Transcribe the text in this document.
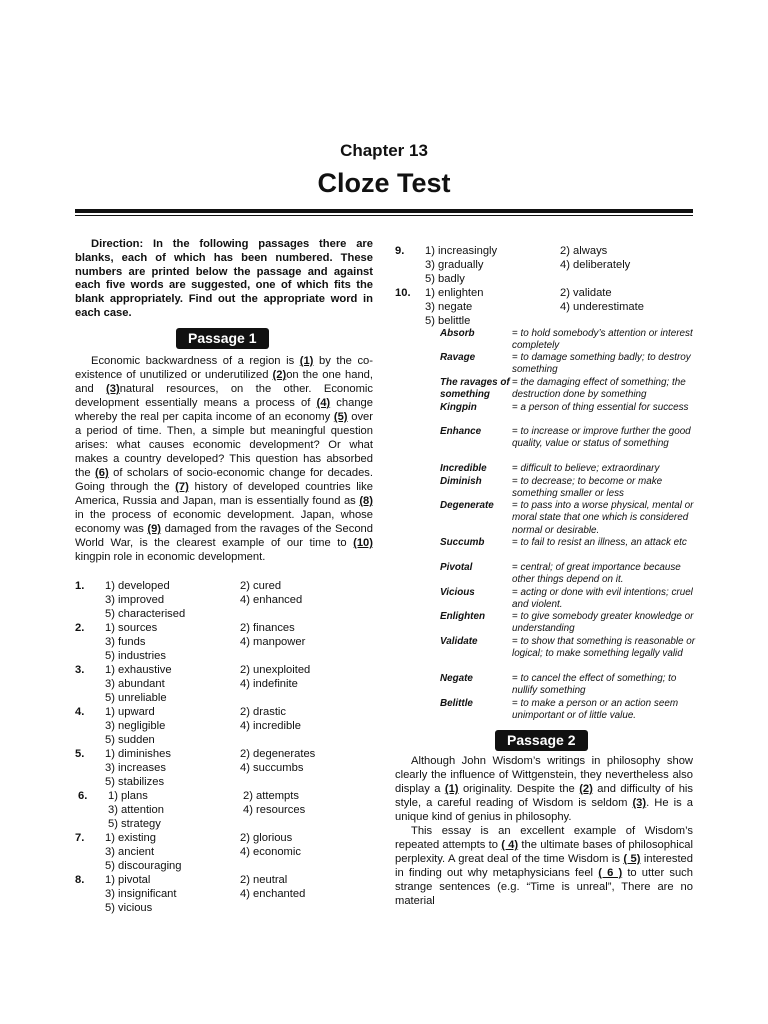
Chapter 13
Cloze Test
Direction: In the following passages there are blanks, each of which has been numbered. These numbers are printed below the passage and against each five words are suggested, one of which fits the blank appropriately. Find out the appropriate word in each case.
Passage 1
Economic backwardness of a region is (1) by the co-existence of unutilized or underutilized (2)on the one hand, and (3)natural resources, on the other. Economic development essentially means a process of (4) change whereby the real per capita income of an economy (5) over a period of time. Then, a simple but meaningful question arises: what causes economic development? Or what makes a country developed? This question has absorbed the (6) of scholars of socio-economic change for decades. Going through the (7) history of developed countries like America, Russia and Japan, man is essentially found as (8) in the process of economic development. Japan, whose economy was (9) damaged from the ravages of the Second World War, is the clearest example of our time to (10) kingpin role in economic development.
1.	1) developed	2) cured
3) improved	4) enhanced
5) characterised
2.	1) sources	2) finances
3) funds	4) manpower
5) industries
3.	1) exhaustive	2) unexploited
3) abundant	4) indefinite
5) unreliable
4.	1) upward	2) drastic
3) negligible	4) incredible
5) sudden
5.	1) diminishes	2) degenerates
3) increases	4) succumbs
5) stabilizes
6.	1) plans	2) attempts
3) attention	4) resources
5) strategy
7.	1) existing	2) glorious
3) ancient	4) economic
5) discouraging
8.	1) pivotal	2) neutral
3) insignificant	4) enchanted
5) vicious
9.	1) increasingly	2) always
3) gradually	4) deliberately
5) badly
10. 1) enlighten	2) validate
3) negate	4) underestimate
5) belittle
Absorb	= to hold somebody’s attention or interest completely
Ravage	= to damage something badly; to destroy something
The ravages of something
= the damaging effect of something; the destruction done by something
Kingpin	= a person of thing essential for success
Enhance	= to increase or improve further the good quality, value or status of something
Incredible	= difficult to believe; extraordinary
Diminish	= to decrease; to become or make something smaller or less
Degenerate = to pass into a worse physical, mental or moral state that one which is considered normal or desirable.
Succumb	= to fail to resist an illness, an attack etc
Pivotal	= central; of great importance because other things depend on it.
Vicious	= acting or done with evil intentions; cruel and violent.
Enlighten	= to give somebody greater knowledge or understanding
Validate	= to show that something is reasonable or logical; to make something legally valid
Negate	= to cancel the effect of something; to nullify something
Belittle	= to make a person or an action seem unimportant or of little value.
Passage 2

Although John Wisdom’s writings in philosophy show clearly the influence of Wittgenstein, they nevertheless also display a (1) originality. Despite the (2) and difficulty of his style, a careful reading of Wisdom is seldom (3). He is a unique kind of genius in philosophy.

This essay is an excellent example of Wisdom’s repeated attempts to ( 4) the ultimate bases of philosophical perplexity. A great deal of the time Wisdom is ( 5) interested in finding out why metaphysicians feel ( 6 ) to utter such strange sentences (e.g. “Time is unreal”, There are no material
